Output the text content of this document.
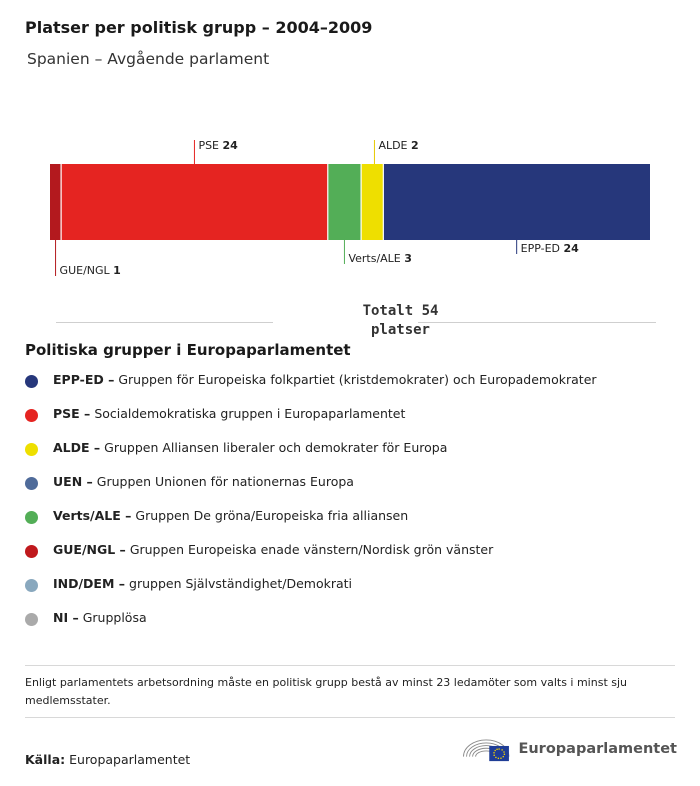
Platser per politisk grupp – 2004–2009
Spanien – Avgående parlament
GUE/NGL 1
PSE 24
Verts/ALE 3
ALDE 2
EPP-ED 24
Totalt 54
platser
Politiska grupper i Europaparlamentet
EPP-ED – Gruppen för Europeiska folkpartiet (kristdemokrater) och Europademokrater
PSE – Socialdemokratiska gruppen i Europaparlamentet
ALDE – Gruppen Alliansen liberaler och demokrater för Europa
UEN – Gruppen Unionen för nationernas Europa
Verts/ALE – Gruppen De gröna/Europeiska fria alliansen
GUE/NGL – Gruppen Europeiska enade vänstern/Nordisk grön vänster
IND/DEM – gruppen Självständighet/Demokrati
NI – Grupplösa
Enligt parlamentets arbetsordning måste en politisk grupp bestå av minst 23 ledamöter som valts i minst sju medlemsstater.
Källa: Europaparlamentet
Europaparlamentet
